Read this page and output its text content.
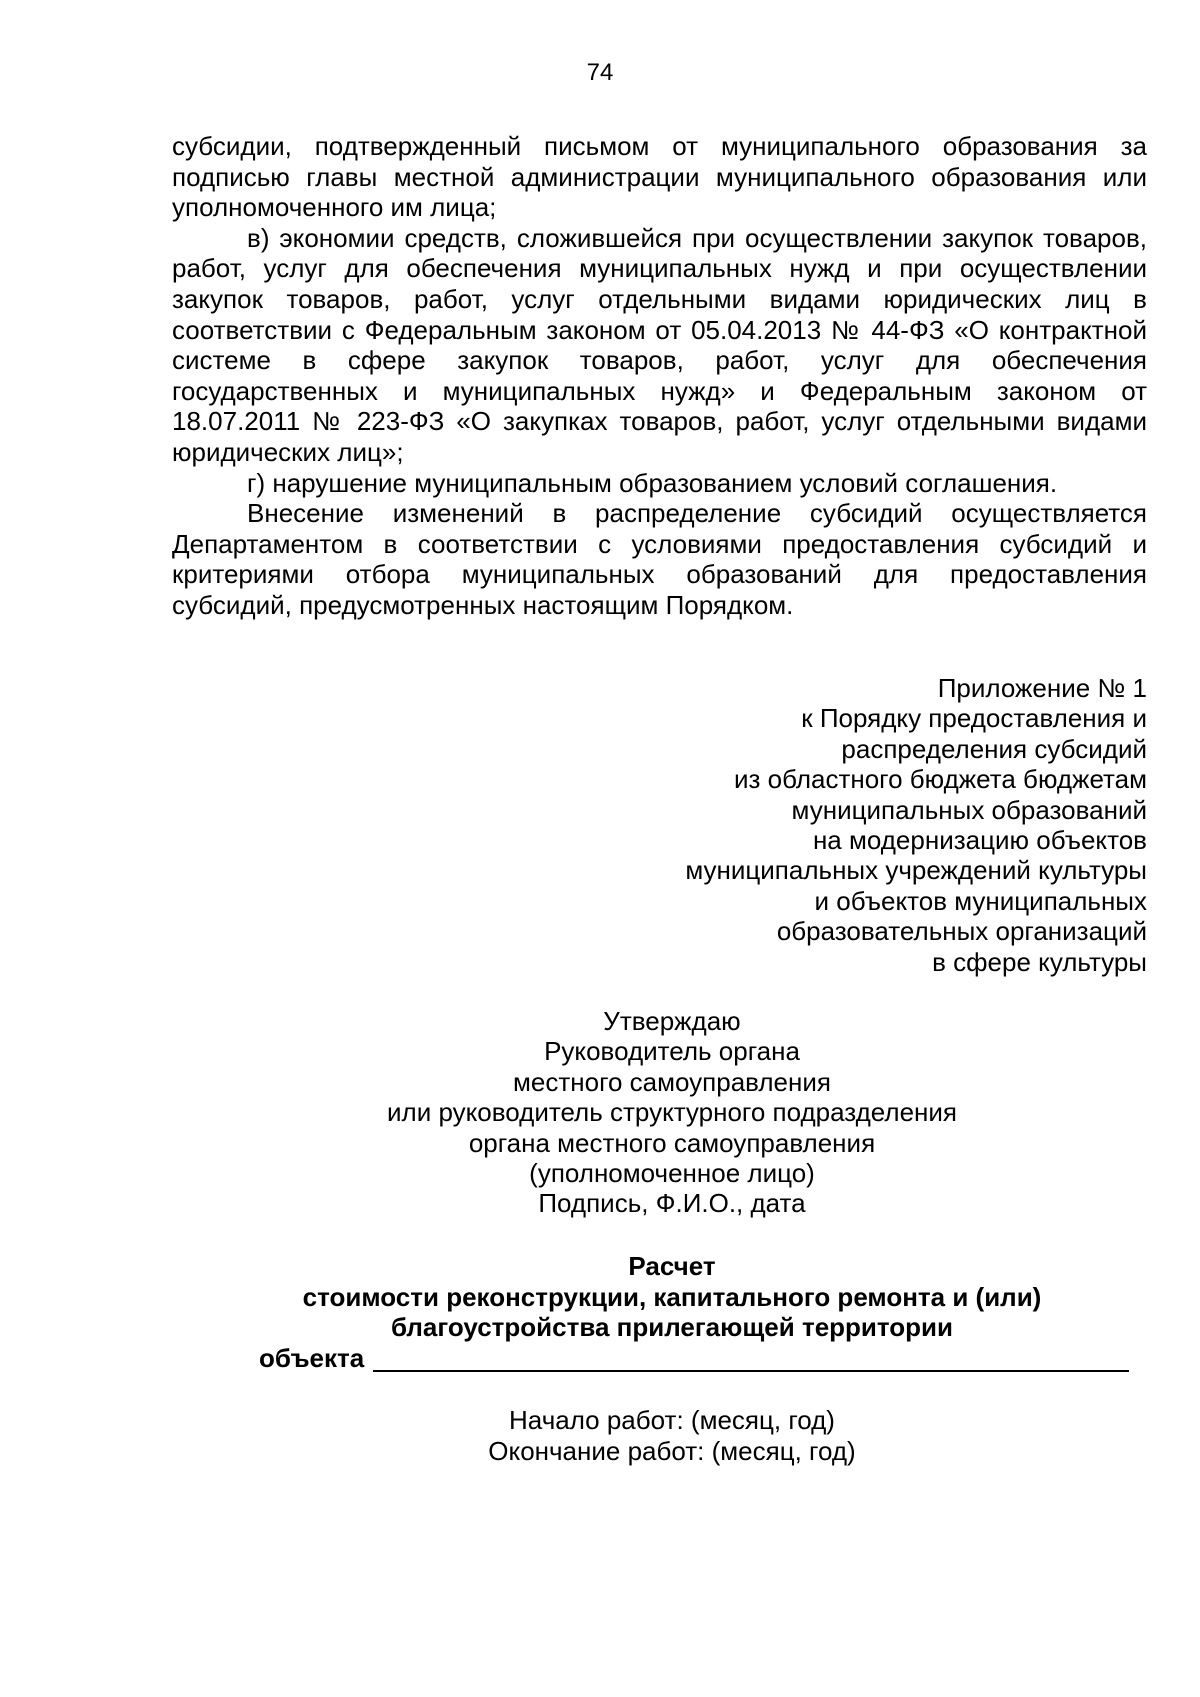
74

субсидии, подтвержденный письмом от муниципального образования за

подписью главы местной администрации муниципального образования или

уполномоченного им лица;

в) экономии средств, сложившейся при осуществлении закупок товаров,

работ, услуг для обеспечения муниципальных нужд и при осуществлении

закупок товаров, работ, услуг отдельными видами юридических лиц в

соответствии с Федеральным законом от 05.04.2013 № 44-ФЗ «О контрактной

системе в сфере закупок товаров, работ, услуг для обеспечения

государственных и муниципальных нужд» и Федеральным законом от

18.07.2011 № 223-ФЗ «О закупках товаров, работ, услуг отдельными видами

юридических лиц»;

г) нарушение муниципальным образованием условий соглашения.

Внесение изменений в распределение субсидий осуществляется

Департаментом в соответствии с условиями предоставления субсидий и

критериями отбора муниципальных образований для предоставления

субсидий, предусмотренных настоящим Порядком.

Приложение № 1
к Порядку предоставления и
распределения субсидий
из областного бюджета бюджетам
муниципальных образований
на модернизацию объектов
муниципальных учреждений культуры
и объектов муниципальных
образовательных организаций
в сфере культуры
Утверждаю
Руководитель органа
местного самоуправления
или руководитель структурного подразделения
органа местного самоуправления
(уполномоченное лицо)
Подпись, Ф.И.О., дата
Расчет
стоимости реконструкции, капитального ремонта и (или)
благоустройства прилегающей территории
объекта
Начало работ: (месяц, год)
Окончание работ: (месяц, год)
